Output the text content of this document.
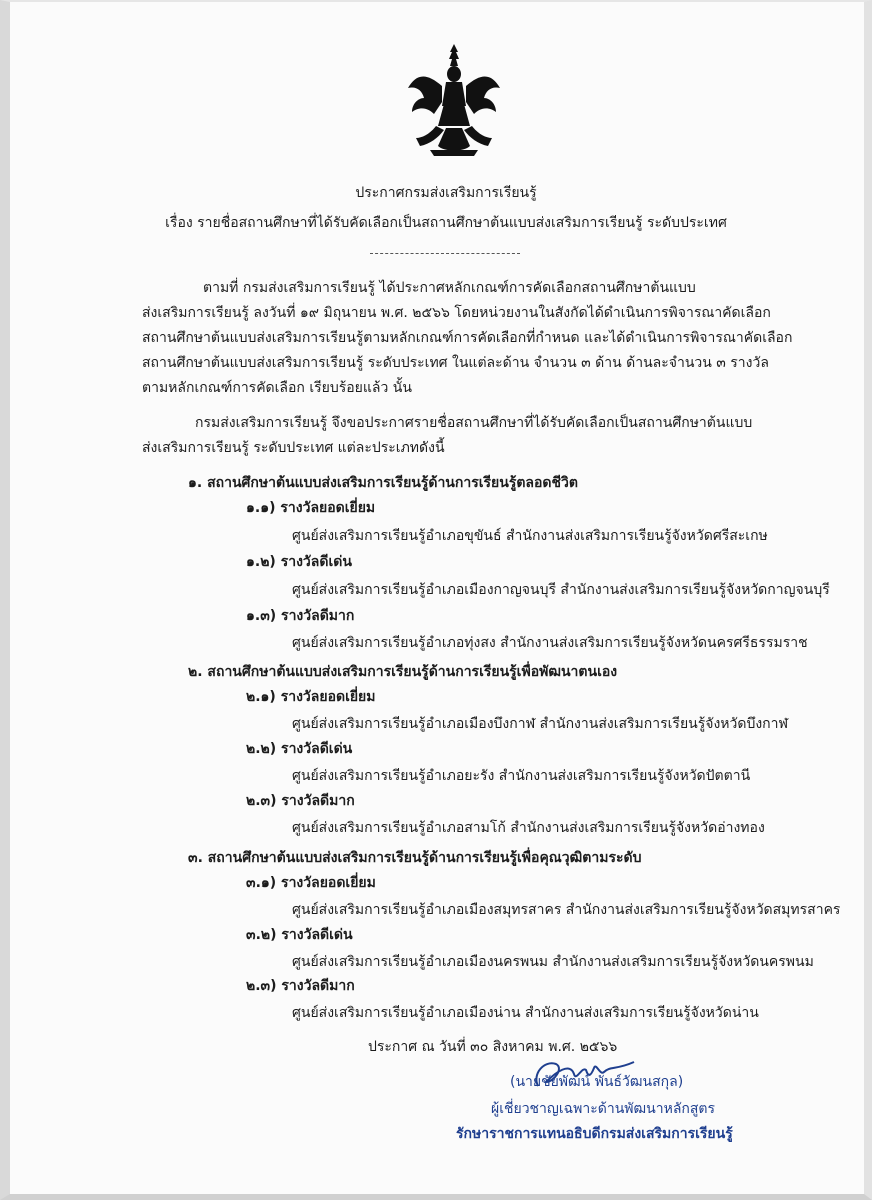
ประกาศกรมส่งเสริมการเรียนรู้
เรื่อง รายชื่อสถานศึกษาที่ได้รับคัดเลือกเป็นสถานศึกษาต้นแบบส่งเสริมการเรียนรู้ ระดับประเทศ
ตามที่ กรมส่งเสริมการเรียนรู้ ได้ประกาศหลักเกณฑ์การคัดเลือกสถานศึกษาต้นแบบ
ส่งเสริมการเรียนรู้ ลงวันที่ ๑๙ มิถุนายน พ.ศ. ๒๕๖๖ โดยหน่วยงานในสังกัดได้ดำเนินการพิจารณาคัดเลือก
สถานศึกษาต้นแบบส่งเสริมการเรียนรู้ตามหลักเกณฑ์การคัดเลือกที่กำหนด และได้ดำเนินการพิจารณาคัดเลือก
สถานศึกษาต้นแบบส่งเสริมการเรียนรู้ ระดับประเทศ ในแต่ละด้าน จำนวน ๓ ด้าน ด้านละจำนวน ๓ รางวัล
ตามหลักเกณฑ์การคัดเลือก เรียบร้อยแล้ว นั้น
กรมส่งเสริมการเรียนรู้ จึงขอประกาศรายชื่อสถานศึกษาที่ได้รับคัดเลือกเป็นสถานศึกษาต้นแบบ
ส่งเสริมการเรียนรู้ ระดับประเทศ แต่ละประเภทดังนี้
๑. สถานศึกษาต้นแบบส่งเสริมการเรียนรู้ด้านการเรียนรู้ตลอดชีวิต
๑.๑) รางวัลยอดเยี่ยม
ศูนย์ส่งเสริมการเรียนรู้อำเภอขุขันธ์ สำนักงานส่งเสริมการเรียนรู้จังหวัดศรีสะเกษ
๑.๒) รางวัลดีเด่น
ศูนย์ส่งเสริมการเรียนรู้อำเภอเมืองกาญจนบุรี สำนักงานส่งเสริมการเรียนรู้จังหวัดกาญจนบุรี
๑.๓) รางวัลดีมาก
ศูนย์ส่งเสริมการเรียนรู้อำเภอทุ่งสง สำนักงานส่งเสริมการเรียนรู้จังหวัดนครศรีธรรมราช
๒. สถานศึกษาต้นแบบส่งเสริมการเรียนรู้ด้านการเรียนรู้เพื่อพัฒนาตนเอง
๒.๑) รางวัลยอดเยี่ยม
ศูนย์ส่งเสริมการเรียนรู้อำเภอเมืองบึงกาฬ สำนักงานส่งเสริมการเรียนรู้จังหวัดบึงกาฬ
๒.๒) รางวัลดีเด่น
ศูนย์ส่งเสริมการเรียนรู้อำเภอยะรัง สำนักงานส่งเสริมการเรียนรู้จังหวัดปัตตานี
๒.๓) รางวัลดีมาก
ศูนย์ส่งเสริมการเรียนรู้อำเภอสามโก้ สำนักงานส่งเสริมการเรียนรู้จังหวัดอ่างทอง
๓. สถานศึกษาต้นแบบส่งเสริมการเรียนรู้ด้านการเรียนรู้เพื่อคุณวุฒิตามระดับ
๓.๑) รางวัลยอดเยี่ยม
ศูนย์ส่งเสริมการเรียนรู้อำเภอเมืองสมุทรสาคร สำนักงานส่งเสริมการเรียนรู้จังหวัดสมุทรสาคร
๓.๒) รางวัลดีเด่น
ศูนย์ส่งเสริมการเรียนรู้อำเภอเมืองนครพนม สำนักงานส่งเสริมการเรียนรู้จังหวัดนครพนม
๒.๓) รางวัลดีมาก
ศูนย์ส่งเสริมการเรียนรู้อำเภอเมืองน่าน สำนักงานส่งเสริมการเรียนรู้จังหวัดน่าน
ประกาศ ณ วันที่ ๓๐ สิงหาคม พ.ศ. ๒๕๖๖
(นายชัยพัฒน์ พันธ์วัฒนสกุล)
ผู้เชี่ยวชาญเฉพาะด้านพัฒนาหลักสูตร
รักษาราชการแทนอธิบดีกรมส่งเสริมการเรียนรู้
